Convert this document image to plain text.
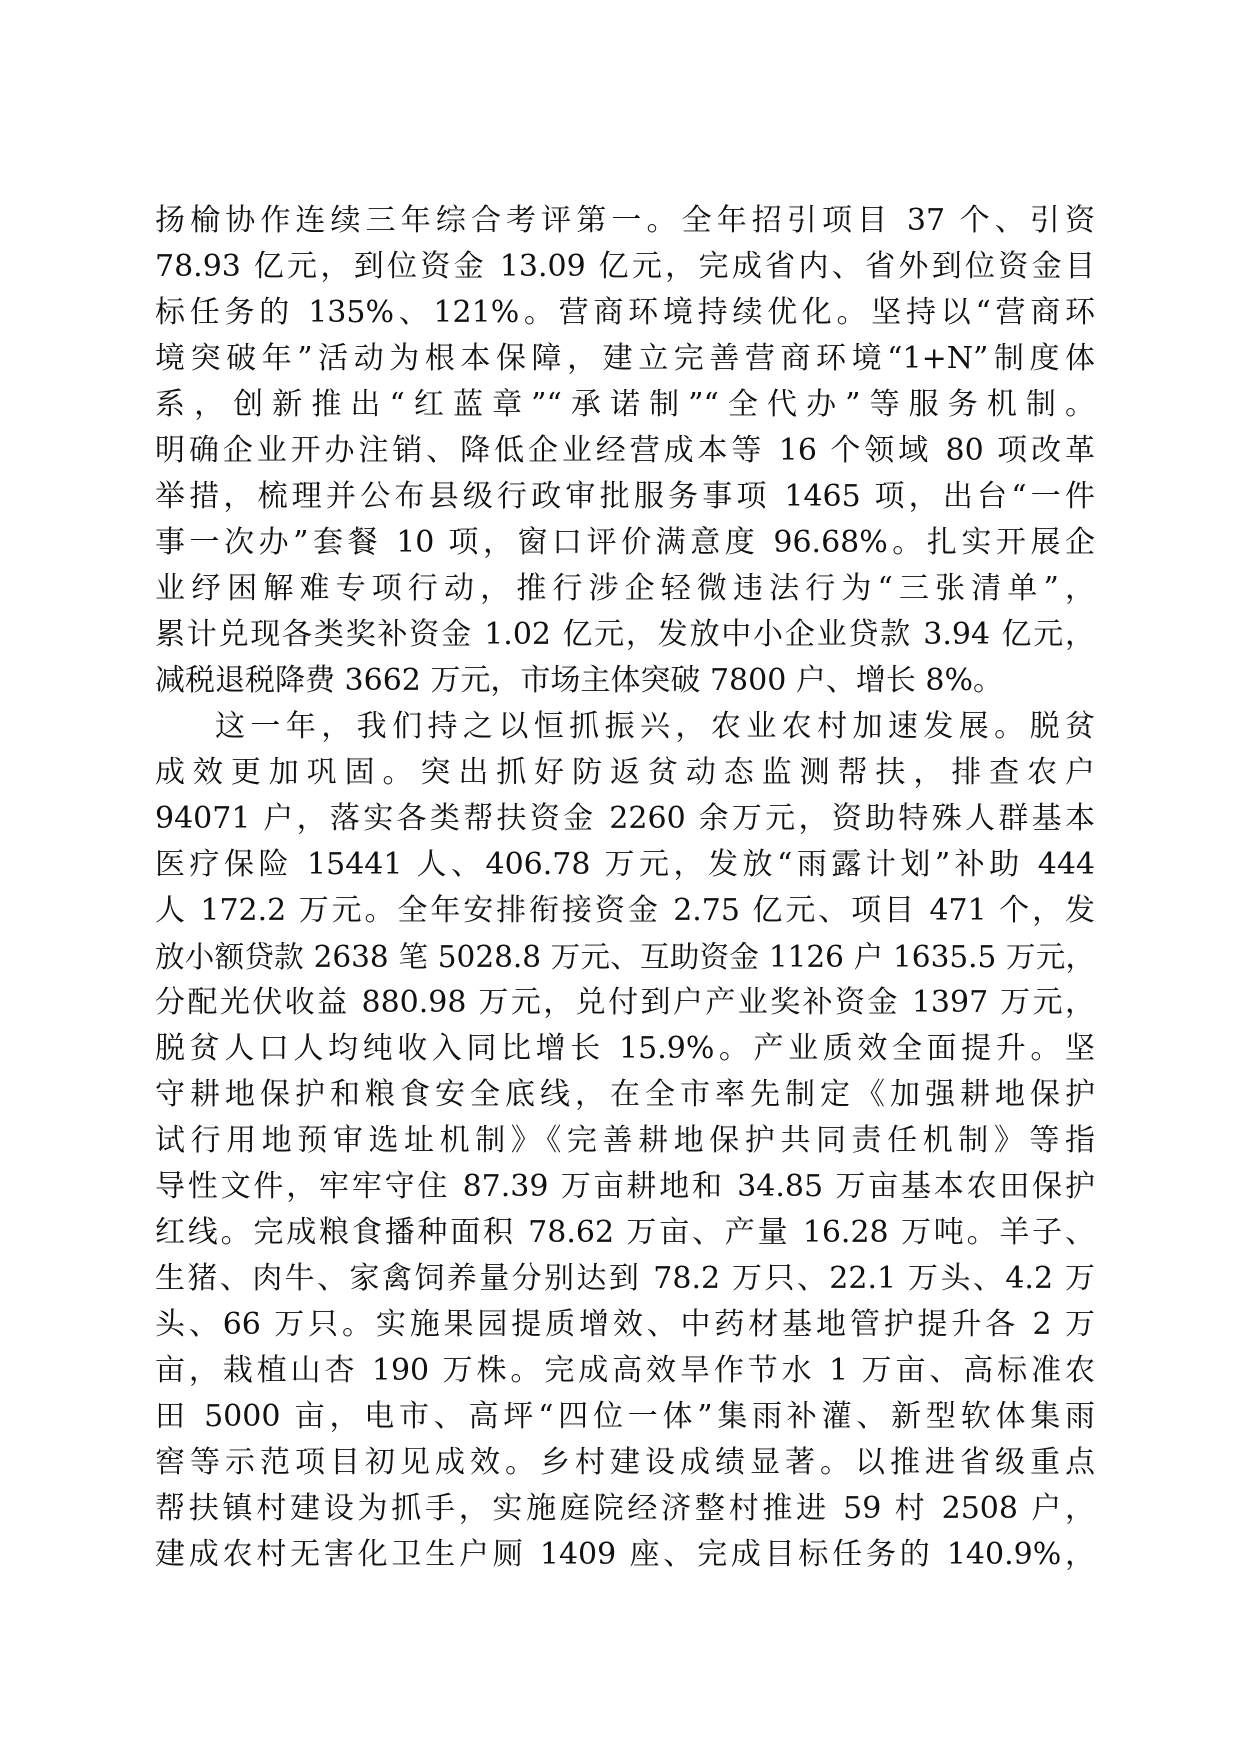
扬榆协作连续三年综合考评第一。全年招引项目 37 个、引资
78.93 亿元，到位资金 13.09 亿元，完成省内、省外到位资金目
标任务的 135%、121%。营商环境持续优化。坚持以“营商环
境突破年”活动为根本保障，建立完善营商环境“1+N”制度体
系，创新推出“红蓝章”“承诺制”“全代办”等服务机制。
明确企业开办注销、降低企业经营成本等 16 个领域 80 项改革
举措，梳理并公布县级行政审批服务事项 1465 项，出台“一件
事一次办”套餐 10 项，窗口评价满意度 96.68%。扎实开展企
业纾困解难专项行动，推行涉企轻微违法行为“三张清单”，
累计兑现各类奖补资金 1.02 亿元，发放中小企业贷款 3.94 亿元，
减税退税降费 3662 万元，市场主体突破 7800 户、增长 8%。
这一年，我们持之以恒抓振兴，农业农村加速发展。脱贫
成效更加巩固。突出抓好防返贫动态监测帮扶，排查农户
94071 户，落实各类帮扶资金 2260 余万元，资助特殊人群基本
医疗保险 15441 人、406.78 万元，发放“雨露计划”补助 444
人 172.2 万元。全年安排衔接资金 2.75 亿元、项目 471 个，发
放小额贷款 2638 笔 5028.8 万元、互助资金 1126 户 1635.5 万元，
分配光伏收益 880.98 万元，兑付到户产业奖补资金 1397 万元，
脱贫人口人均纯收入同比增长 15.9%。产业质效全面提升。坚
守耕地保护和粮食安全底线，在全市率先制定《加强耕地保护
试行用地预审选址机制》《完善耕地保护共同责任机制》等指
导性文件，牢牢守住 87.39 万亩耕地和 34.85 万亩基本农田保护
红线。完成粮食播种面积 78.62 万亩、产量 16.28 万吨。羊子、
生猪、肉牛、家禽饲养量分别达到 78.2 万只、22.1 万头、4.2 万
头、66 万只。实施果园提质增效、中药材基地管护提升各 2 万
亩，栽植山杏 190 万株。完成高效旱作节水 1 万亩、高标准农
田 5000 亩，电市、高坪“四位一体”集雨补灌、新型软体集雨
窖等示范项目初见成效。乡村建设成绩显著。以推进省级重点
帮扶镇村建设为抓手，实施庭院经济整村推进 59 村 2508 户，
建成农村无害化卫生户厕 1409 座、完成目标任务的 140.9%，
